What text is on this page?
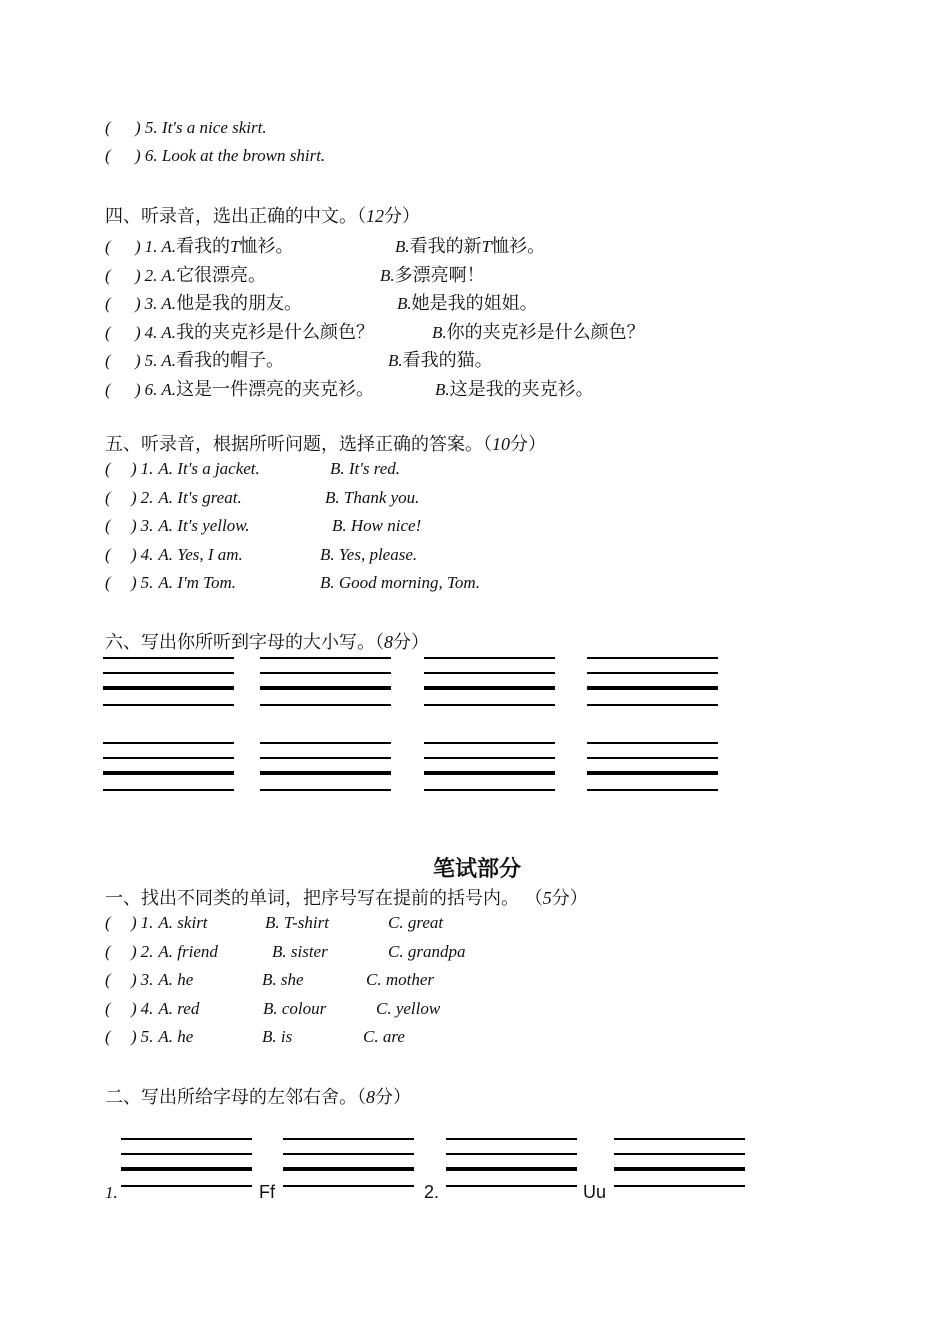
( ) 5. It's a nice skirt.
( ) 6. Look at the brown shirt.
四、听录音，选出正确的中文。（12分）
( ) 1. A.看我的T恤衫。	B.看我的新T恤衫。
( ) 2. A.它很漂亮。	B.多漂亮啊！
( ) 3. A.他是我的朋友。	B.她是我的姐姐。
( ) 4. A.我的夹克衫是什么颜色？	B.你的夹克衫是什么颜色？
( ) 5. A.看我的帽子。	B.看我的猫。
( ) 6. A.这是一件漂亮的夹克衫。	B.这是我的夹克衫。
五、听录音，根据所听问题，选择正确的答案。（10分）
( ) 1. A. It's a jacket.	B. It's red.
( ) 2. A. It's great.	B. Thank you.
( ) 3. A. It's yellow.	B. How nice!
( ) 4. A. Yes, I am.	B. Yes, please.
( ) 5. A. I'm Tom.	B. Good morning, Tom.
六、写出你所听到字母的大小写。（8分）
笔试部分
一、找出不同类的单词，把序号写在提前的括号内。 （5分）
( ) 1. A. skirt	B. T-shirt	C. great
( ) 2. A. friend	B. sister	C. grandpa
( ) 3. A. he	B. she	C. mother
( ) 4. A. red	B. colour	C. yellow
( ) 5. A. he	B. is	C. are
二、写出所给字母的左邻右舍。（8分）
1.	Ff	2.	Uu
